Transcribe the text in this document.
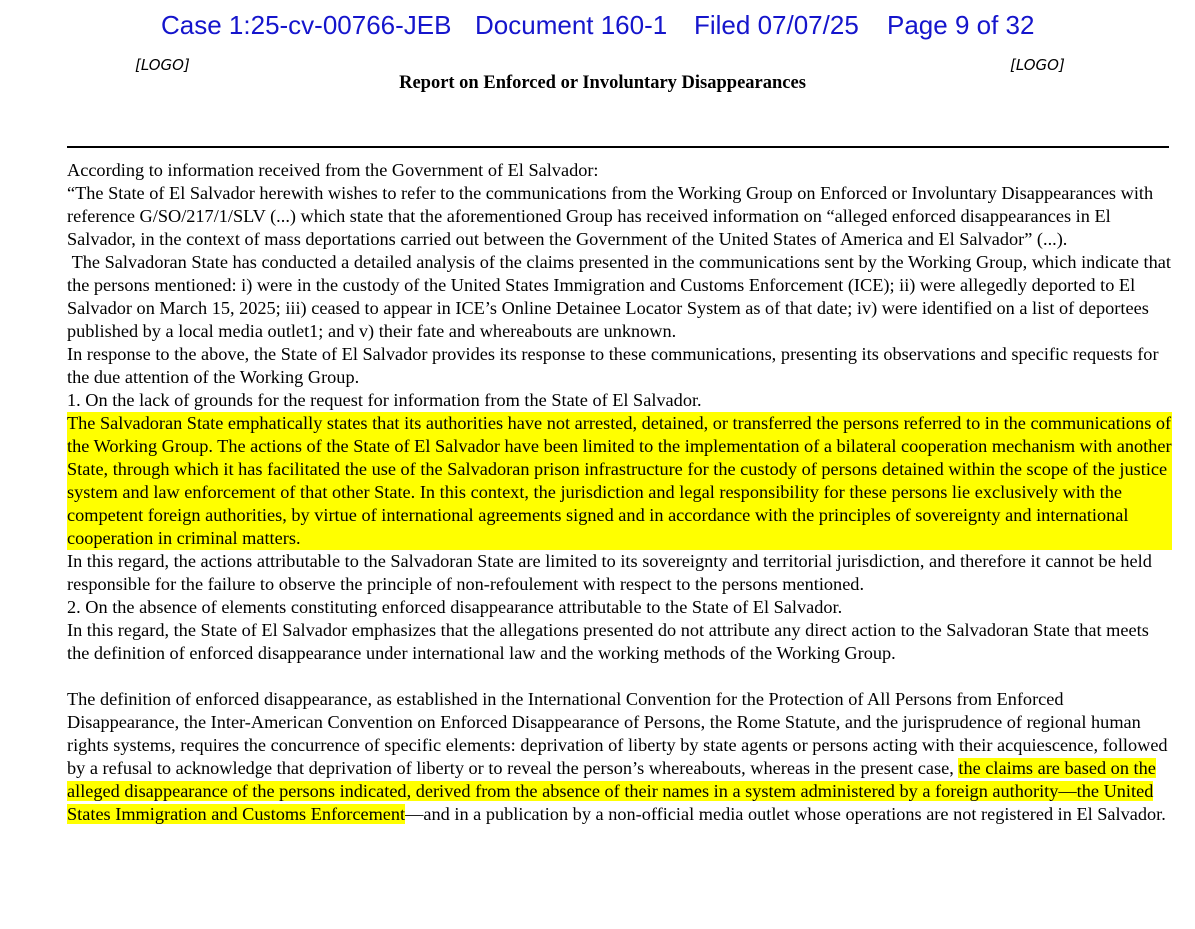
Case 1:25-cv-00766-JEB Document 160-1 Filed 07/07/25 Page 9 of 32
[LOGO]	[LOGO]
Report on Enforced or Involuntary Disappearances

According to information received from the Government of El Salvador:

“The State of El Salvador herewith wishes to refer to the communications from the Working Group on Enforced or Involuntary Disappearances with reference G/SO/217/1/SLV (...) which state that the aforementioned Group has received information on “alleged enforced disappearances in El Salvador, in the context of mass deportations carried out between the Government of the United States of America and El Salvador” (...).

The Salvadoran State has conducted a detailed analysis of the claims presented in the communications sent by the Working Group, which indicate that the persons mentioned: i) were in the custody of the United States Immigration and Customs Enforcement (ICE); ii) were allegedly deported to El Salvador on March 15, 2025; iii) ceased to appear in ICE’s Online Detainee Locator System as of that date; iv) were identified on a list of deportees published by a local media outlet1; and v) their fate and whereabouts are unknown.

In response to the above, the State of El Salvador provides its response to these communications, presenting its observations and specific requests for the due attention of the Working Group.

1. On the lack of grounds for the request for information from the State of El Salvador.

The Salvadoran State emphatically states that its authorities have not arrested, detained, or transferred the persons referred to in the communications of the Working Group. The actions of the State of El Salvador have been limited to the implementation of a bilateral cooperation mechanism with another State, through which it has facilitated the use of the Salvadoran prison infrastructure for the custody of persons detained within the scope of the justice system and law enforcement of that other State. In this context, the jurisdiction and legal responsibility for these persons lie exclusively with the competent foreign authorities, by virtue of international agreements signed and in accordance with the principles of sovereignty and international cooperation in criminal matters.

In this regard, the actions attributable to the Salvadoran State are limited to its sovereignty and territorial jurisdiction, and therefore it cannot be held responsible for the failure to observe the principle of non-refoulement with respect to the persons mentioned.

2. On the absence of elements constituting enforced disappearance attributable to the State of El Salvador.

In this regard, the State of El Salvador emphasizes that the allegations presented do not attribute any direct action to the Salvadoran State that meets the definition of enforced disappearance under international law and the working methods of the Working Group.

The definition of enforced disappearance, as established in the International Convention for the Protection of All Persons from Enforced Disappearance, the Inter-American Convention on Enforced Disappearance of Persons, the Rome Statute, and the jurisprudence of regional human rights systems, requires the concurrence of specific elements: deprivation of liberty by state agents or persons acting with their acquiescence, followed by a refusal to acknowledge that deprivation of liberty or to reveal the person’s whereabouts, whereas in the present case, the claims are based on the alleged disappearance of the persons indicated, derived from the absence of their names in a system administered by a foreign authority—the United States Immigration and Customs Enforcement—and in a publication by a non-official media outlet whose operations are not registered in El Salvador.
